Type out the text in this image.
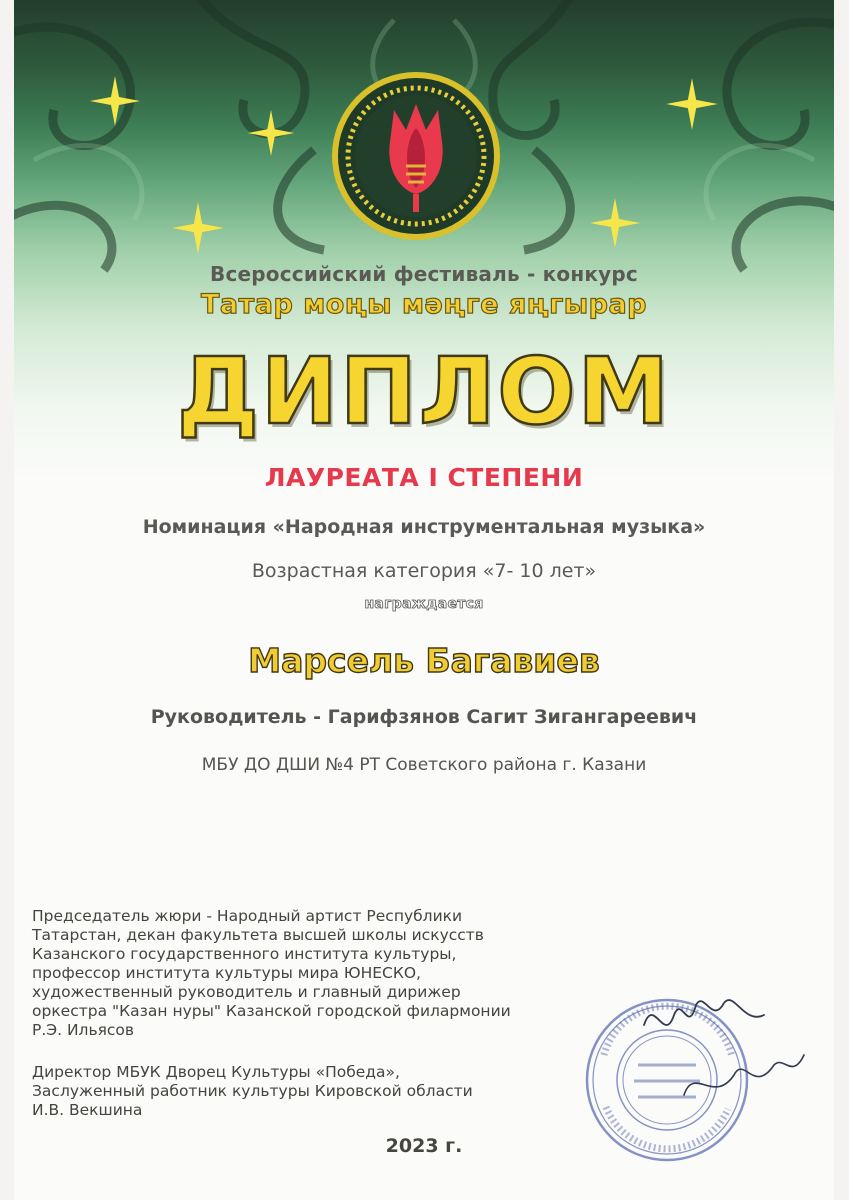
Всероссийский фестиваль - конкурс
Татар моңы мәңге яңгырар
ДИПЛОМ
ЛАУРЕАТА I СТЕПЕНИ
Номинация «Народная инструментальная музыка»
Возрастная категория «7- 10 лет»
награждается
Марсель Багавиев
Руководитель - Гарифзянов Сагит Зигангареевич
МБУ ДО ДШИ №4 РТ Советского района г. Казани
Председатель жюри - Народный артист Республики
Татарстан, декан факультета высшей школы искусств
Казанского государственного института культуры,
профессор института культуры мира ЮНЕСКО,
художественный руководитель и главный дирижер
оркестра "Казан нуры" Казанской городской филармонии
Р.Э. Ильясов
Директор МБУК Дворец Культуры «Победа»,
Заслуженный работник культуры Кировской области
И.В. Векшина
2023 г.
